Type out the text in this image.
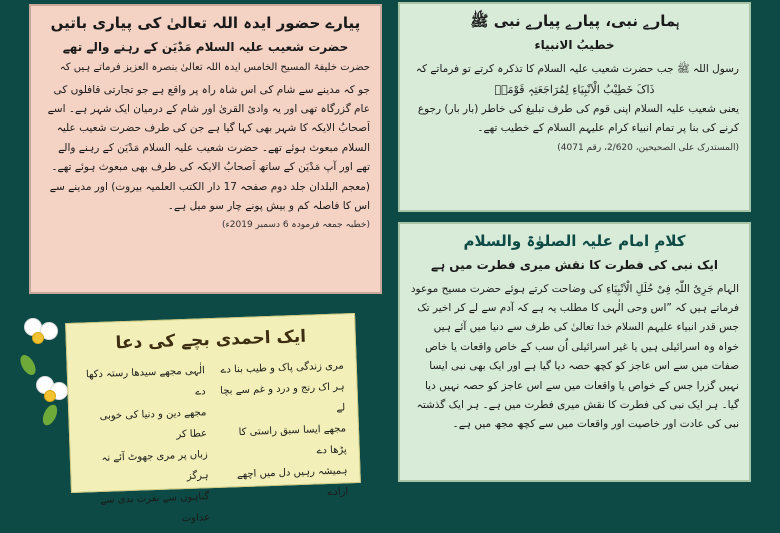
پیارے حضور ایدہ اللہ تعالیٰ کی پیاری باتیں
حضرت شعیب علیہ السلام مَدْیَن کے رہنے والے تھے
حضرت خلیفۃ المسیح الخامس ایدہ اللہ تعالیٰ بنصرہ العزیز فرماتے ہیں کہ
جو کہ مدینے سے شام کی اس شاہ راہ پر واقع ہے جو تجارتی قافلوں کی عام گزرگاہ تھی اور یہ وادیٔ القریٰ اور شام کے درمیان ایک شہر ہے۔ اسے اَصحابُ الایکہ کا شہر بھی کہا گیا ہے جن کی طرف حضرت شعیب علیہ السلام مبعوث ہوئے تھے۔ حضرت شعیب علیہ السلام مَدْیَن کے رہنے والے تھے اور آپ مَدْیَن کے ساتھ اَصحابُ الایکہ کی طرف بھی مبعوث ہوئے تھے۔ (معجم البلدان جلد دوم صفحہ 17 دار الکتب العلمیہ بیروت) اور مدینے سے اس کا فاصلہ کم و بیش پونے چار سو میل ہے۔
(خطبہ جمعہ فرمودہ 6 دسمبر 2019ء)
ہمارے نبی، پیارے پیارے نبی ﷺ
خطیبُ الانبیاء
رسول اللہ ﷺ جب حضرت شعیب علیہ السلام کا تذکرہ کرتے تو فرماتے کہ
ذَاکَ خَطِیْبُ الْاَنْبِیَاءِ لِمُرَاجَعَتِہٖ قَوْمَہٗ
یعنی شعیب علیہ السلام اپنی قوم کی طرف تبلیغ کی خاطر (بار بار) رجوع کرنے کی بنا پر تمام انبیاء کرام علیہم السلام کے خطیب تھے۔
(المستدرک علی الصحیحین، 2/620، رقم 4071)
کلامِ امام علیہ الصلوٰۃ والسلام
ایک نبی کی فطرت کا نقش میری فطرت میں ہے
الہام جَرِیُ اللّٰہِ فِیْ حُلَلِ الْاَنْبِیَاءِ کی وضاحت کرتے ہوئے حضرت مسیح موعود فرماتے ہیں کہ ”اس وحی الٰہی کا مطلب یہ ہے کہ آدم سے لے کر اخیر تک جس قدر انبیاء علیہم السلام خدا تعالیٰ کی طرف سے دنیا میں آئے ہیں خواہ وہ اسرائیلی ہیں یا غیر اسرائیلی اُن سب کے خاص واقعات یا خاص صفات میں سے اس عاجز کو کچھ حصہ دیا گیا ہے اور ایک بھی نبی ایسا نہیں گزرا جس کے خواص یا واقعات میں سے اس عاجز کو حصہ نہیں دیا گیا۔ ہر ایک نبی کی فطرت کا نقش میری فطرت میں ہے۔ ہر ایک گذشتہ نبی کی عادت اور خاصیت اور واقعات میں سے کچھ مجھ میں ہے۔
ایک احمدی بچے کی دعا
مری زندگی پاک و طیب بنا دے
ہر اک رنج و درد و غم سے بچا لے
مجھے ایسا سبق راستی کا پڑھا دے
ہمیشہ رہیں دل میں اچھے ارادے
الٰہی مجھے سیدھا رستہ دکھا دے
مجھے دین و دنیا کی خوبی عطا کر
زباں پر مری جھوٹ آئے نہ ہرگز
گناہوں سے نفرت بدی سے عداوت
